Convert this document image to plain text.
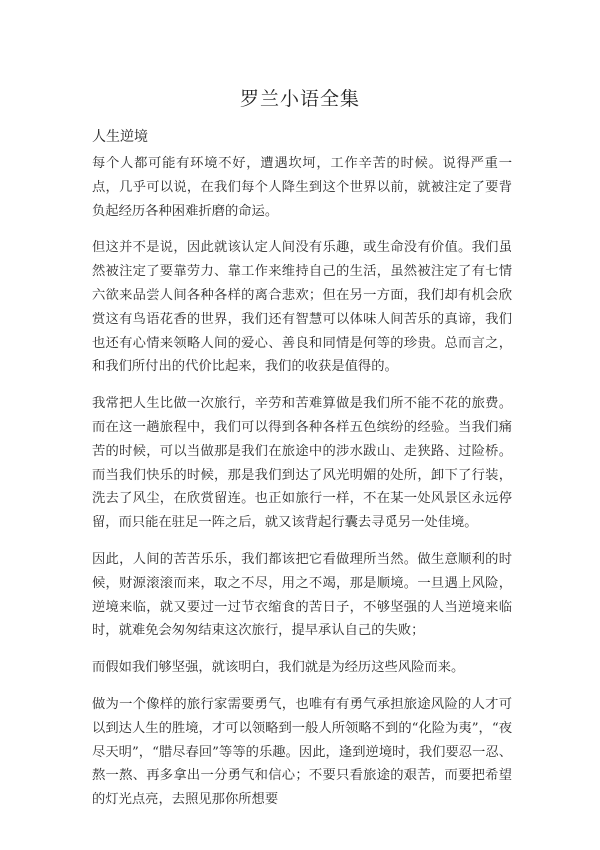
罗兰小语全集
人生逆境

每个人都可能有环境不好，遭遇坎坷，工作辛苦的时候。说得严重一点，几乎可以说，在我们每个人降生到这个世界以前，就被注定了要背负起经历各种困难折磨的命运。

但这并不是说，因此就该认定人间没有乐趣，或生命没有价值。我们虽然被注定了要靠劳力、靠工作来维持自己的生活，虽然被注定了有七情六欲来品尝人间各种各样的离合悲欢；但在另一方面，我们却有机会欣赏这有鸟语花香的世界，我们还有智慧可以体味人间苦乐的真谛，我们也还有心情来领略人间的爱心、善良和同情是何等的珍贵。总而言之，和我们所付出的代价比起来，我们的收获是值得的。

我常把人生比做一次旅行，辛劳和苦难算做是我们所不能不花的旅费。而在这一趟旅程中，我们可以得到各种各样五色缤纷的经验。当我们痛苦的时候，可以当做那是我们在旅途中的涉水跋山、走狭路、过险桥。而当我们快乐的时候，那是我们到达了风光明媚的处所，卸下了行装，洗去了风尘，在欣赏留连。也正如旅行一样，不在某一处风景区永远停留，而只能在驻足一阵之后，就又该背起行囊去寻觅另一处佳境。

因此，人间的苦苦乐乐，我们都该把它看做理所当然。做生意顺利的时候，财源滚滚而来，取之不尽，用之不竭，那是顺境。一旦遇上风险，逆境来临，就又要过一过节衣缩食的苦日子，不够坚强的人当逆境来临时，就难免会匆匆结束这次旅行，提早承认自己的失败；

而假如我们够坚强，就该明白，我们就是为经历这些风险而来。

做为一个像样的旅行家需要勇气，也唯有有勇气承担旅途风险的人才可以到达人生的胜境，才可以领略到一般人所领略不到的“化险为夷”，“夜尽天明”，“腊尽春回”等等的乐趣。因此，逢到逆境时，我们要忍一忍、熬一熬、再多拿出一分勇气和信心；不要只看旅途的艰苦，而要把希望的灯光点亮，去照见那你所想要
